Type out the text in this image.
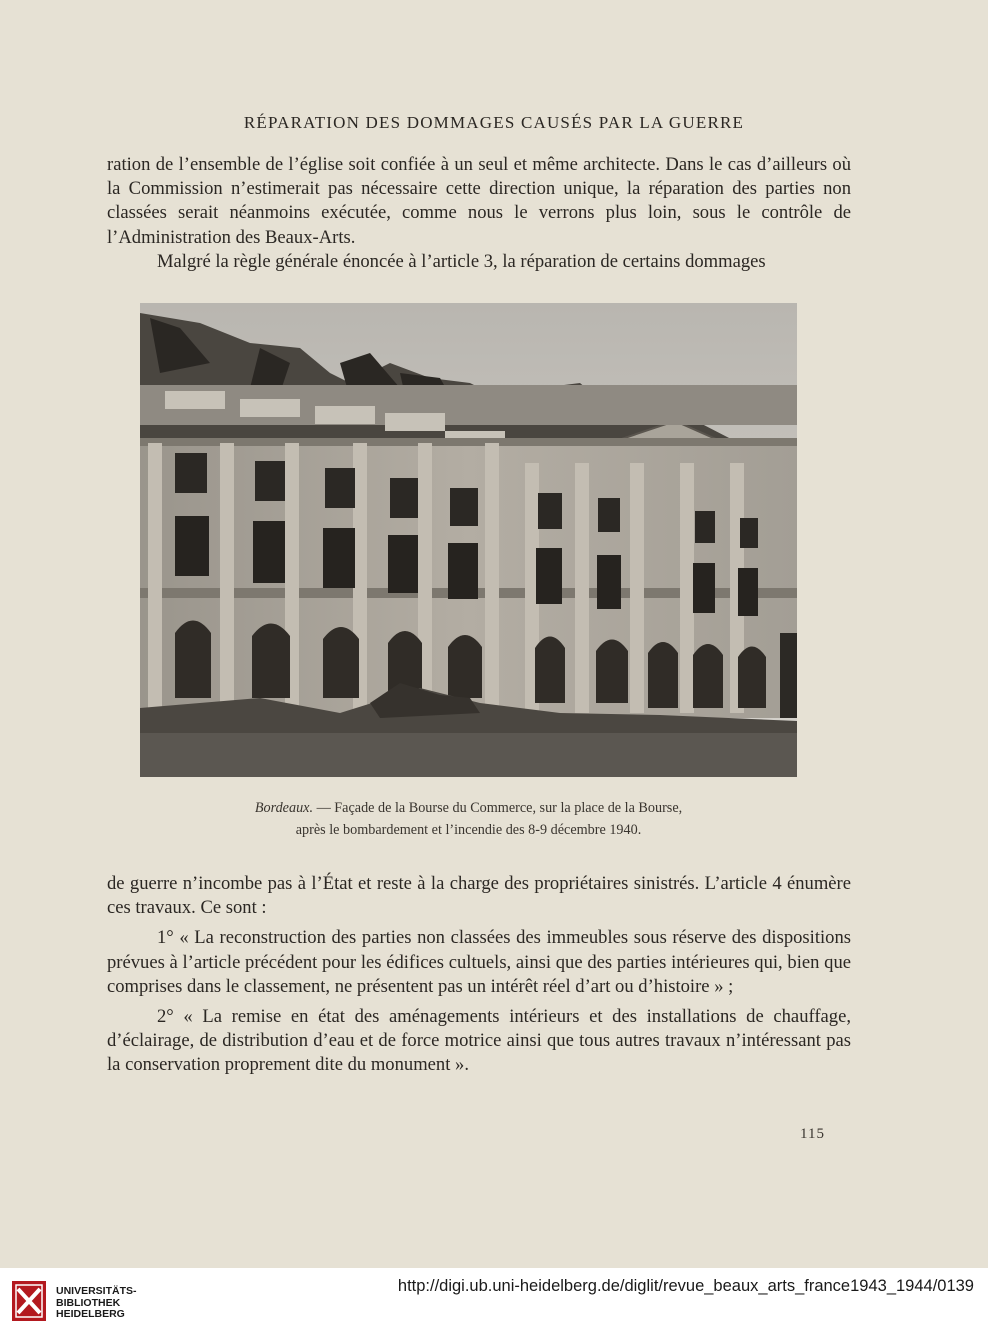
RÉPARATION DES DOMMAGES CAUSÉS PAR LA GUERRE

ration de l’ensemble de l’église soit confiée à un seul et même architecte. Dans le cas d’ailleurs où la Commission n’estimerait pas nécessaire cette direction unique, la réparation des parties non classées serait néanmoins exécutée, comme nous le verrons plus loin, sous le contrôle de l’Administration des Beaux-Arts.

Malgré la règle générale énoncée à l’article 3, la réparation de certains dommages

Bordeaux. — Façade de la Bourse du Commerce, sur la place de la Bourse,
après le bombardement et l’incendie des 8-9 décembre 1940.

de guerre n’incombe pas à l’État et reste à la charge des propriétaires sinistrés. L’article 4 énumère ces travaux. Ce sont :

1° « La reconstruction des parties non classées des immeubles sous réserve des dispositions prévues à l’article précédent pour les édifices cultuels, ainsi que des parties intérieures qui, bien que comprises dans le classement, ne présentent pas un intérêt réel d’art ou d’histoire » ;

2° « La remise en état des aménagements intérieurs et des installations de chauffage, d’éclairage, de distribution d’eau et de force motrice ainsi que tous autres travaux n’intéressant pas la conservation proprement dite du monument ».

115
UNIVERSITÄTS-
BIBLIOTHEK
HEIDELBERG
http://digi.ub.uni-heidelberg.de/diglit/revue_beaux_arts_france1943_1944/0139
